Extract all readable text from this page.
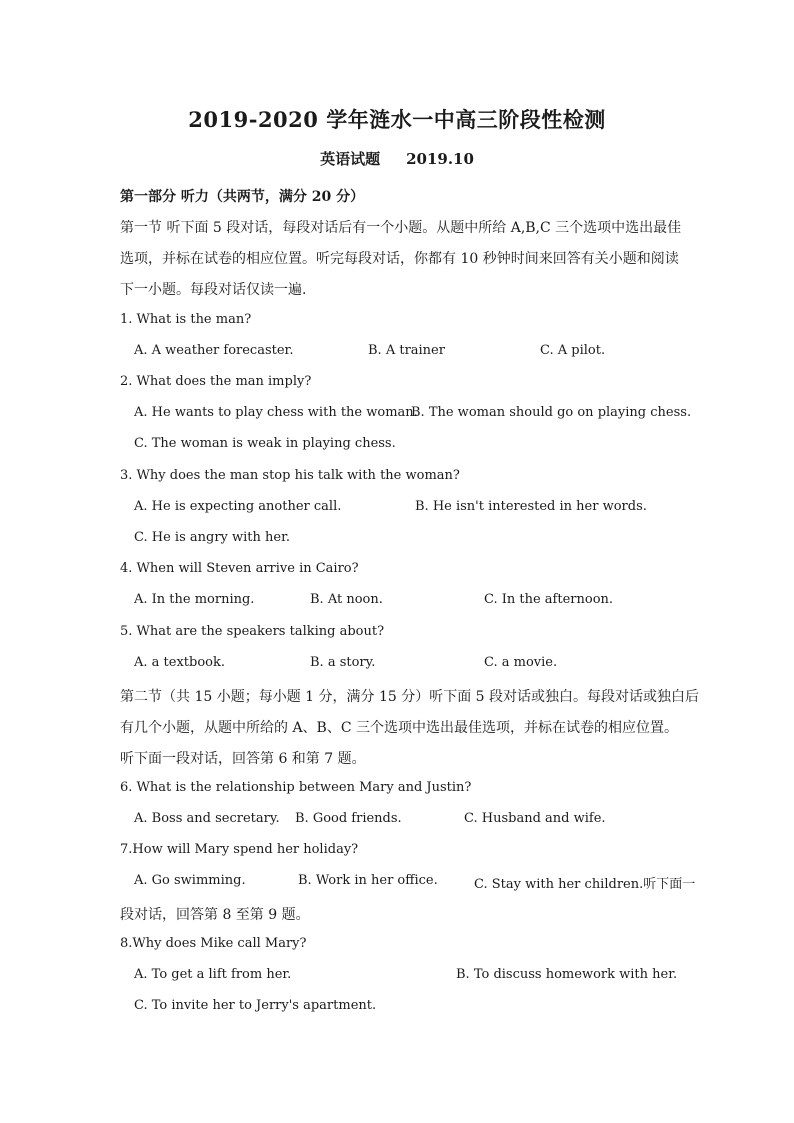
2019-2020 学年涟水一中高三阶段性检测
英语试题 2019.10
第一部分 听力（共两节，满分 20 分）
第一节 听下面 5 段对话，每段对话后有一个小题。从题中所给 A,B,C 三个选项中选出最佳
选项，并标在试卷的相应位置。听完每段对话，你都有 10 秒钟时间来回答有关小题和阅读
下一小题。每段对话仅读一遍.
1. What is the man?
A. A weather forecaster.	B. A trainer	C. A pilot.
2. What does the man imply?
A. He wants to play chess with the woman.
B. The woman should go on playing chess.
C. The woman is weak in playing chess.
3. Why does the man stop his talk with the woman?
A. He is expecting another call.	B. He isn't interested in her words.
C. He is angry with her.
4. When will Steven arrive in Cairo?
A. In the morning.	B. At noon.	C. In the afternoon.
5. What are the speakers talking about?
A. a textbook.	B. a story.	C. a movie.
第二节（共 15 小题；每小题 1 分，满分 15 分）听下面 5 段对话或独白。每段对话或独白后
有几个小题，从题中所给的 A、B、C 三个选项中选出最佳选项，并标在试卷的相应位置。
听下面一段对话，回答第 6 和第 7 题。
6. What is the relationship between Mary and Justin?
A. Boss and secretary. B. Good friends.	C. Husband and wife.
7.How will Mary spend her holiday?
A. Go swimming.	B. Work in her office.	C. Stay with her children.听下面一
段对话，回答第 8 至第 9 题。
8.Why does Mike call Mary?
A. To get a lift from her.	B. To discuss homework with her.
C. To invite her to Jerry's apartment.
